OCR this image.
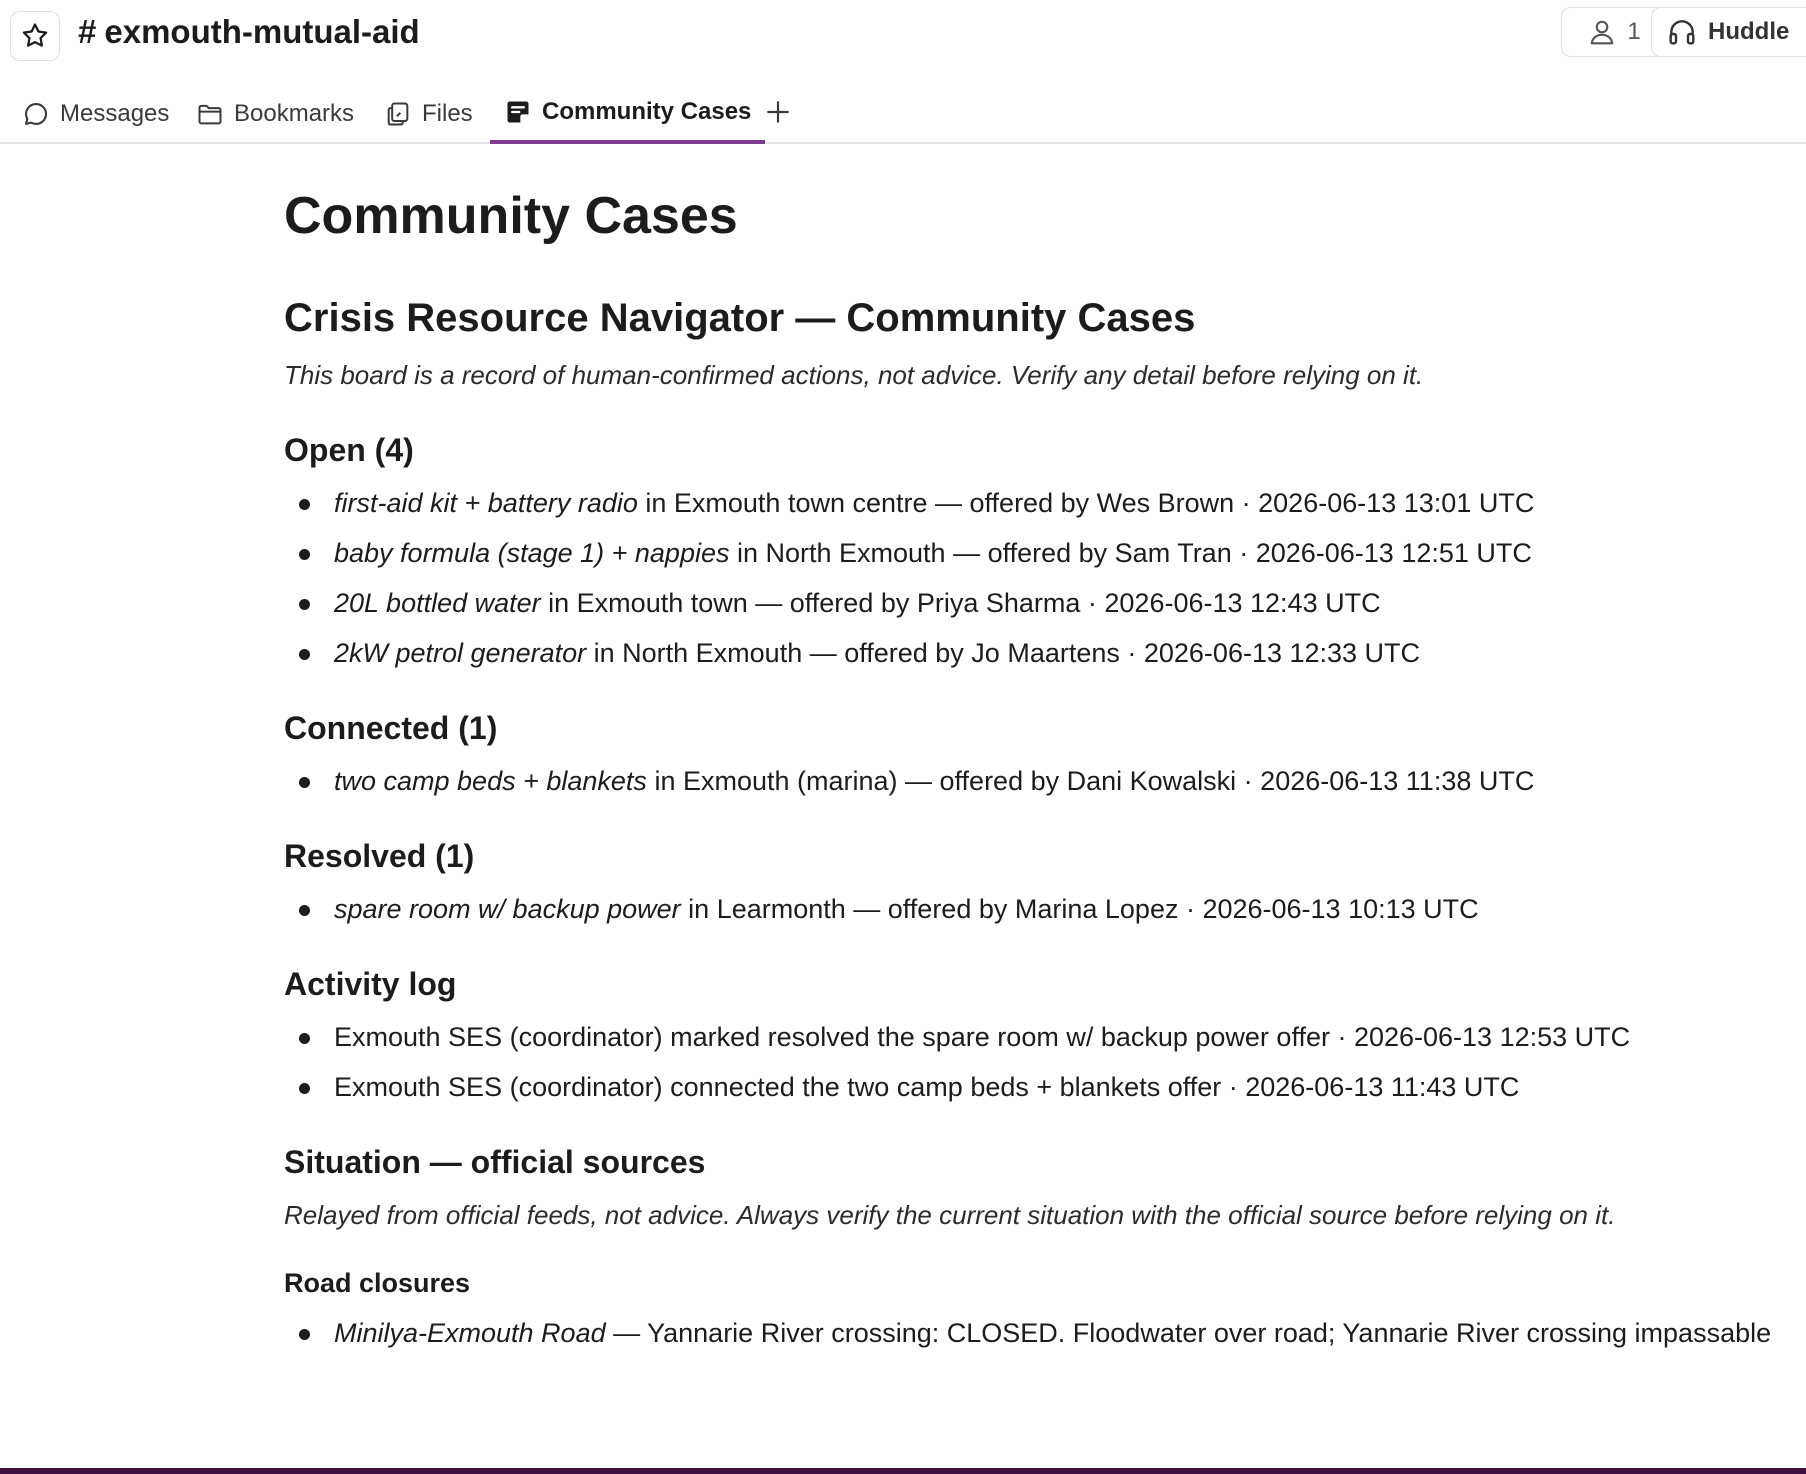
# exmouth-mutual-aid	1	Huddle
Messages	Bookmarks	Files	Community Cases
Community Cases
Crisis Resource Navigator — Community Cases

This board is a record of human-confirmed actions, not advice. Verify any detail before relying on it.

Open (4)
first-aid kit + battery radio in Exmouth town centre — offered by Wes Brown · 2026-06-13 13:01 UTC
baby formula (stage 1) + nappies in North Exmouth — offered by Sam Tran · 2026-06-13 12:51 UTC
20L bottled water in Exmouth town — offered by Priya Sharma · 2026-06-13 12:43 UTC
2kW petrol generator in North Exmouth — offered by Jo Maartens · 2026-06-13 12:33 UTC
Connected (1)
two camp beds + blankets in Exmouth (marina) — offered by Dani Kowalski · 2026-06-13 11:38 UTC
Resolved (1)
spare room w/ backup power in Learmonth — offered by Marina Lopez · 2026-06-13 10:13 UTC
Activity log
Exmouth SES (coordinator) marked resolved the spare room w/ backup power offer · 2026-06-13 12:53 UTC
Exmouth SES (coordinator) connected the two camp beds + blankets offer · 2026-06-13 11:43 UTC
Situation — official sources

Relayed from official feeds, not advice. Always verify the current situation with the official source before relying on it.

Road closures
Minilya-Exmouth Road — Yannarie River crossing: CLOSED. Floodwater over road; Yannarie River crossing impassable
